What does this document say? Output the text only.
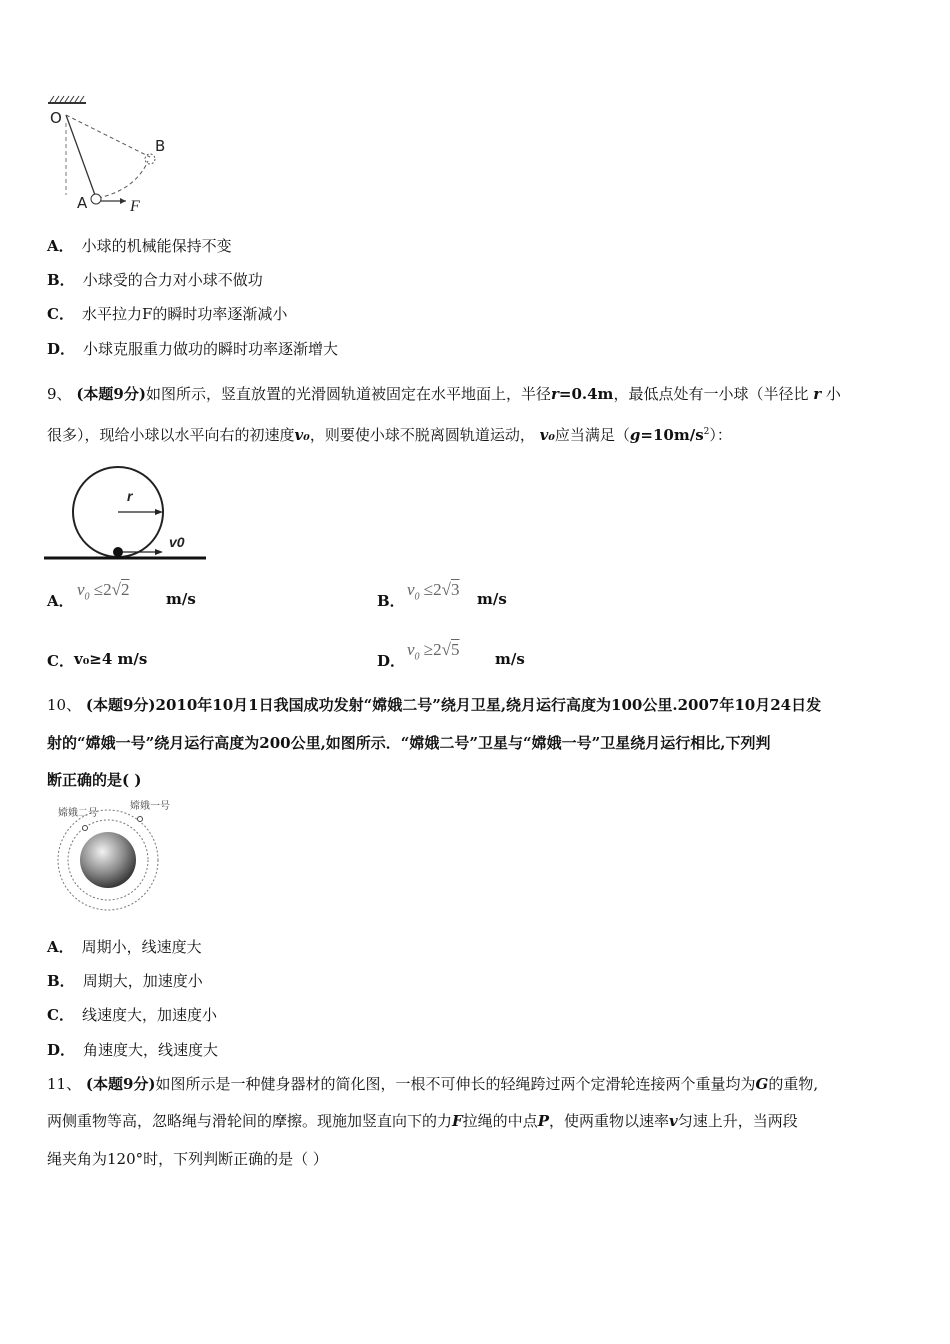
O
B
A	F
A． 小球的机械能保持不变
B． 小球受的合力对小球不做功
C． 水平拉力F的瞬时功率逐渐减小
D． 小球克服重力做功的瞬时功率逐渐增大
9、 (本题9分)如图所示，竖直放置的光滑圆轨道被固定在水平地面上，半径r=0.4m，最低点处有一小球（半径比 r 小
很多），现给小球以水平向右的初速度v₀，则要使小球不脱离圆轨道运动， v₀应当满足$(g=10m/s^2)$：
r
v0
A．
$v_0 \le 2√2$ m/s	B．
$v_0 \le 2√3$ m/s
C． v₀≥4 m/s	D．
$v_0 \ge 2√5$ m/s
10、 (本题9分)2010年10月1日我国成功发射“嫦娥二号”绕月卫星,绕月运行高度为100公里.2007年10月24日发
射的“嫦娥一号”绕月运行高度为200公里,如图所示．“嫦娥二号”卫星与“嫦娥一号”卫星绕月运行相比,下列判
断正确的是( )
嫦娥二号
嫦娥一号
A． 周期小，线速度大
B． 周期大，加速度小
C． 线速度大，加速度小
D． 角速度大，线速度大
11、 (本题9分)如图所示是一种健身器材的简化图，一根不可伸长的轻绳跨过两个定滑轮连接两个重量均为G的重物,
两侧重物等高，忽略绳与滑轮间的摩擦。现施加竖直向下的力F拉绳的中点P，使两重物以速率v匀速上升，当两段
绳夹角为120°时，下列判断正确的是（ ）
